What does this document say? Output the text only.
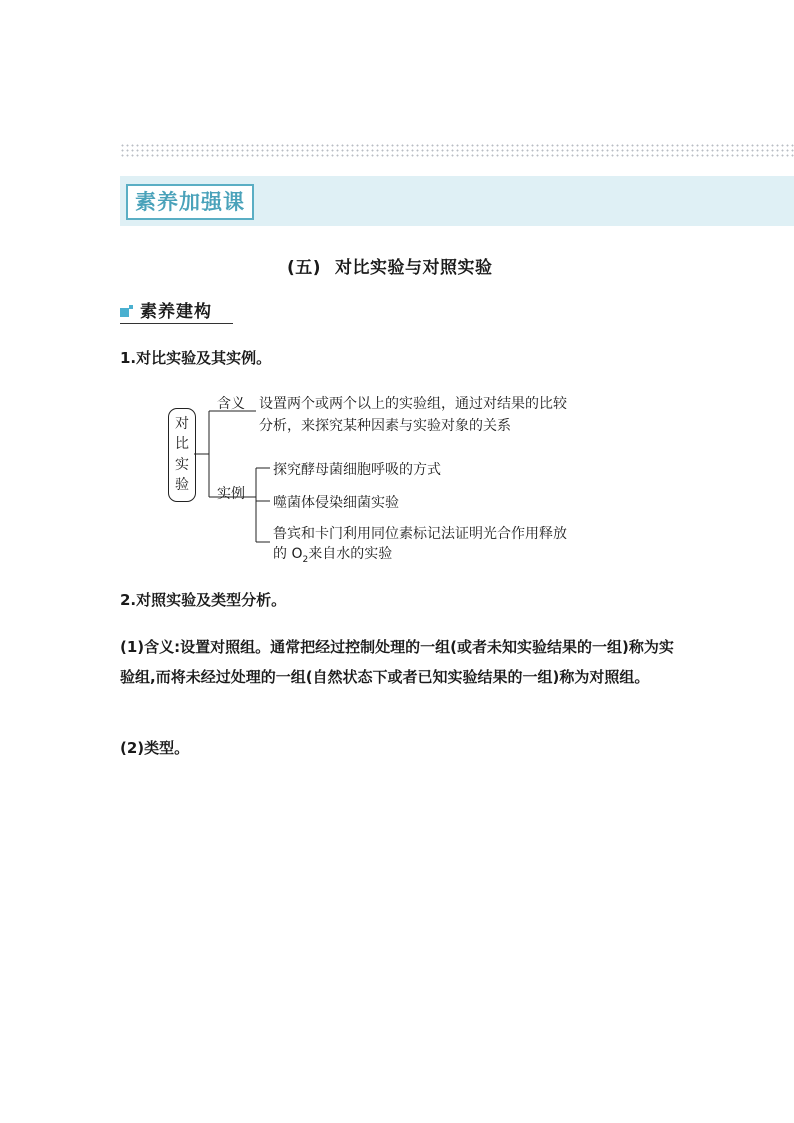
素养加强课
(五) 对比实验与对照实验
素养建构
1.对比实验及其实例。
对
比
实
验
含义 设置两个或两个以上的实验组，通过对结果的比较
分析，来探究某种因素与实验对象的关系
实例
探究酵母菌细胞呼吸的方式
噬菌体侵染细菌实验
鲁宾和卡门利用同位素标记法证明光合作用释放
的 $O_2$来自水的实验
2.对照实验及类型分析。
(1)含义:设置对照组。通常把经过控制处理的一组(或者未知实验结果的一组)称为实验组,而将未经过处理的一组(自然状态下或者已知实验结果的一组)称为对照组。
(2)类型。
